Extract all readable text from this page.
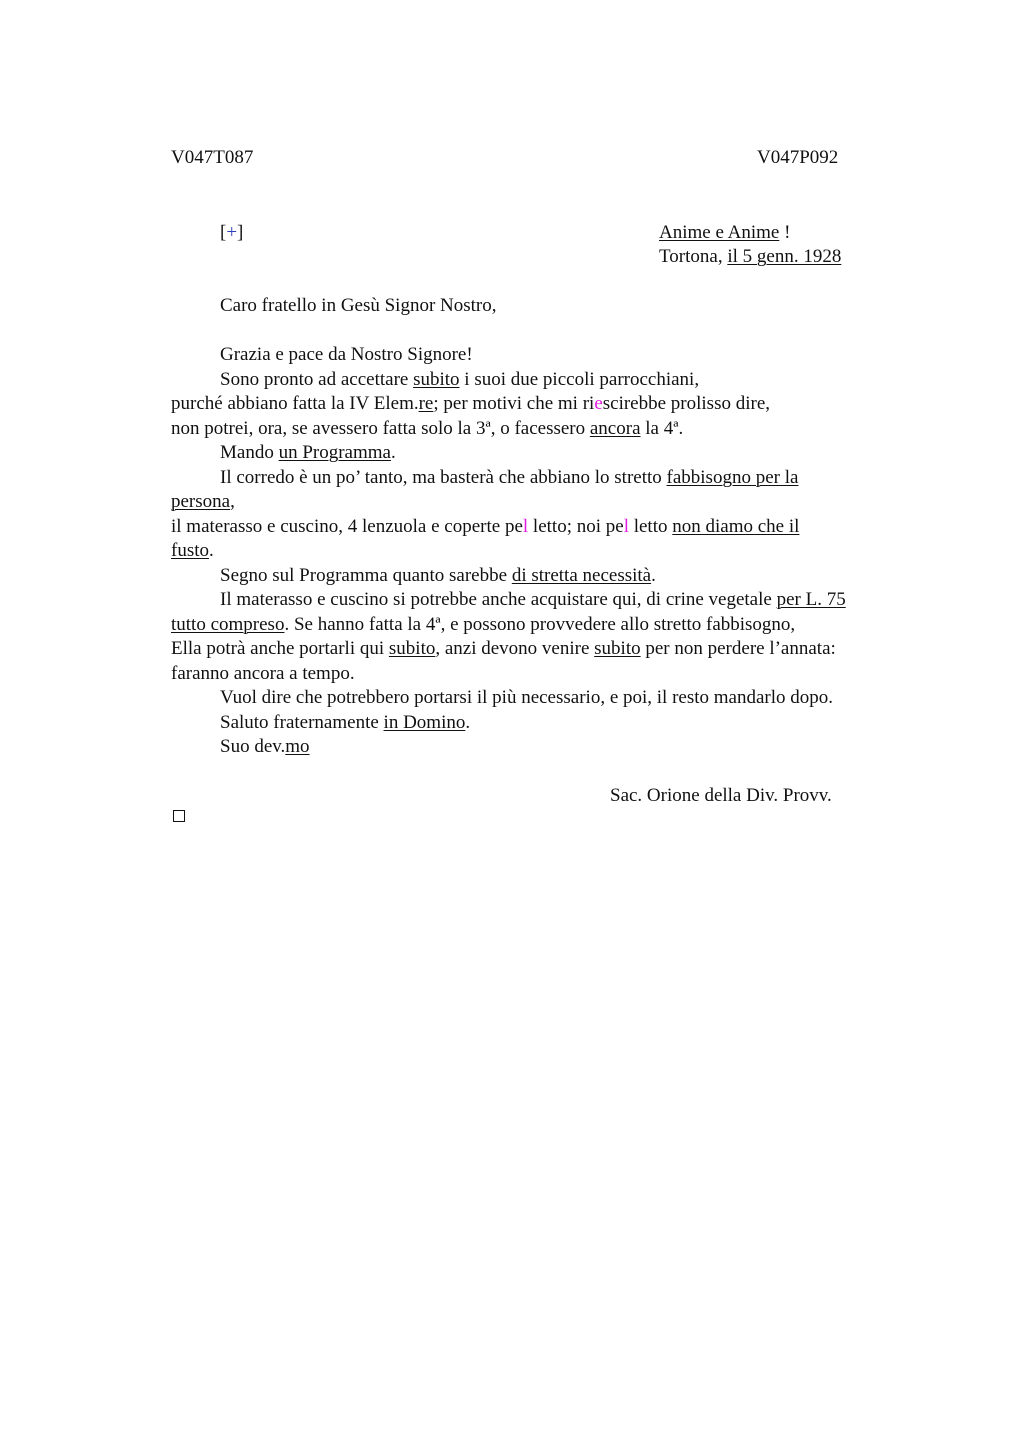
V047T087	V047P092
[+]	Anime e Anime !
Tortona, il 5 genn. 1928
Caro fratello in Gesù Signor Nostro,
Grazia e pace da Nostro Signore!
Sono pronto ad accettare subito i suoi due piccoli parrocchiani,
purché abbiano fatta la IV Elem.re; per motivi che mi riescirebbe prolisso dire,
non potrei, ora, se avessero fatta solo la 3ª, o facessero ancora la 4ª.
Mando un Programma.
Il corredo è un po’ tanto, ma basterà che abbiano lo stretto fabbisogno per la
persona,
il materasso e cuscino, 4 lenzuola e coperte pel letto; noi pel letto non diamo che il
fusto.
Segno sul Programma quanto sarebbe di stretta necessità.
Il materasso e cuscino si potrebbe anche acquistare qui, di crine vegetale per L. 75
tutto compreso. Se hanno fatta la 4ª, e possono provvedere allo stretto fabbisogno,
Ella potrà anche portarli qui subito, anzi devono venire subito per non perdere l’annata:
faranno ancora a tempo.
Vuol dire che potrebbero portarsi il più necessario, e poi, il resto mandarlo dopo.
Saluto fraternamente in Domino.
Suo dev.mo
Sac. Orione della Div. Provv.
